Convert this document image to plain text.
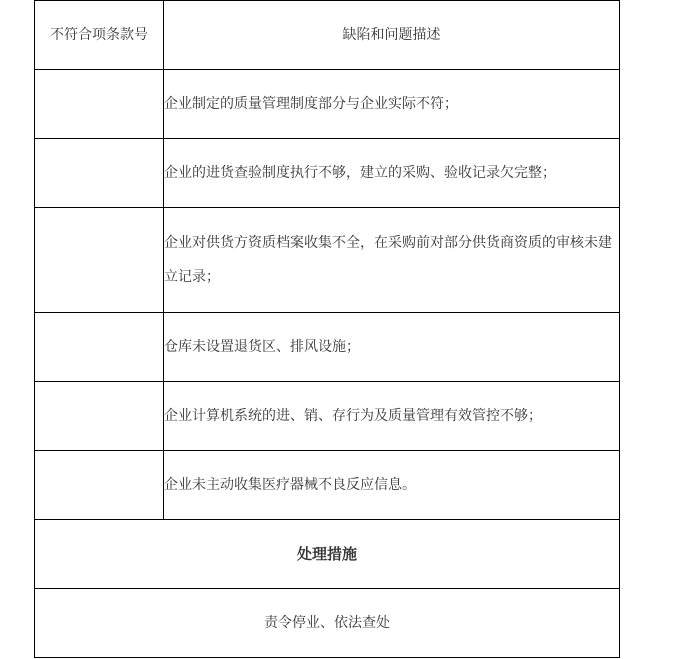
不符合项条款号	缺陷和问题描述
	企业制定的质量管理制度部分与企业实际不符；
	企业的进货查验制度执行不够，建立的采购、验收记录欠完整；
	企业对供货方资质档案收集不全，在采购前对部分供货商资质的审核未建立记录；
	仓库未设置退货区、排风设施；
	企业计算机系统的进、销、存行为及质量管理有效管控不够；
	企业未主动收集医疗器械不良反应信息。
处理措施	
责令停业、依法查处	
